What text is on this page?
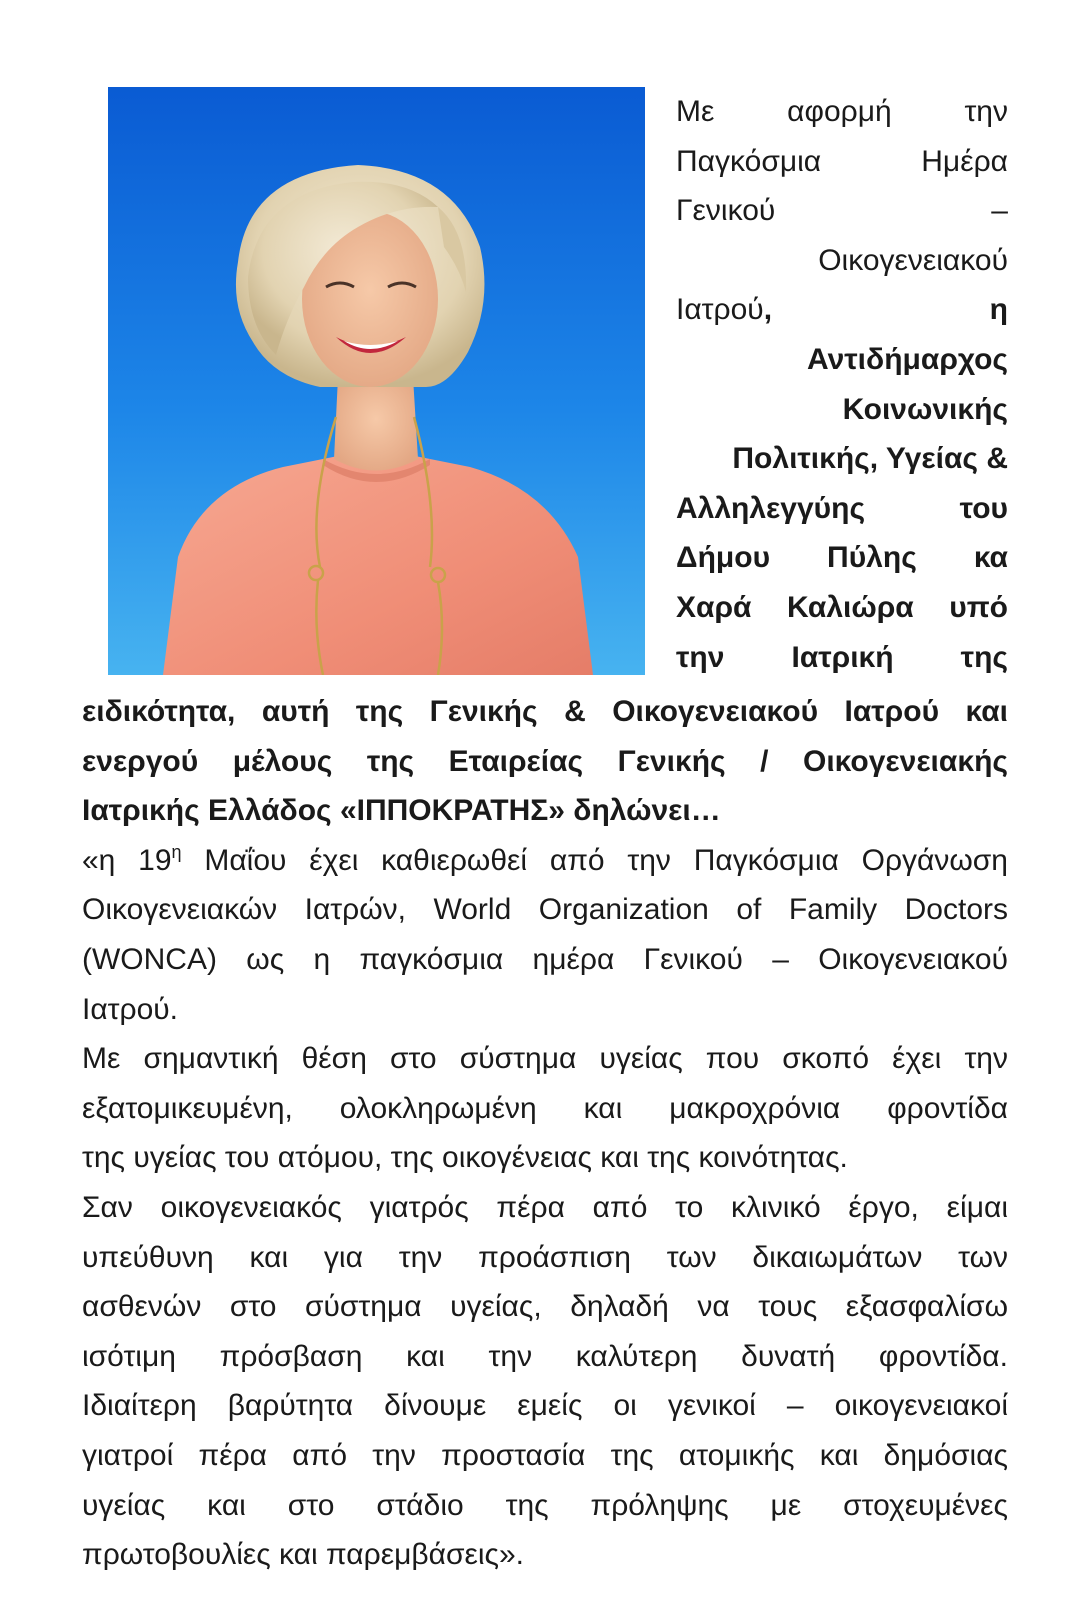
Με αφορμή την
Παγκόσμια Ημέρα
Γενικού –
Οικογενειακού
Ιατρού, η
Αντιδήμαρχος
Κοινωνικής
Πολιτικής, Υγείας &
Αλληλεγγύης του
Δήμου Πύλης κα
Χαρά Καλιώρα υπό
την Ιατρική της
ειδικότητα, αυτή της Γενικής & Οικογενειακού Ιατρού και
ενεργού μέλους της Εταιρείας Γενικής / Οικογενειακής
Ιατρικής Ελλάδος «ΙΠΠΟΚΡΑΤΗΣ» δηλώνει…
«η $19^\eta$ Μαΐου έχει καθιερωθεί από την Παγκόσμια Οργάνωση
Οικογενειακών Ιατρών, World Organization of Family Doctors
(WONCA) ως η παγκόσμια ημέρα Γενικού – Οικογενειακού
Ιατρού.
Με σημαντική θέση στο σύστημα υγείας που σκοπό έχει την
εξατομικευμένη, ολοκληρωμένη και μακροχρόνια φροντίδα
της υγείας του ατόμου, της οικογένειας και της κοινότητας.
Σαν οικογενειακός γιατρός πέρα από το κλινικό έργο, είμαι
υπεύθυνη και για την προάσπιση των δικαιωμάτων των
ασθενών στο σύστημα υγείας, δηλαδή να τους εξασφαλίσω
ισότιμη πρόσβαση και την καλύτερη δυνατή φροντίδα.
Ιδιαίτερη βαρύτητα δίνουμε εμείς οι γενικοί – οικογενειακοί
γιατροί πέρα από την προστασία της ατομικής και δημόσιας
υγείας και στο στάδιο της πρόληψης με στοχευμένες
πρωτοβουλίες και παρεμβάσεις».
